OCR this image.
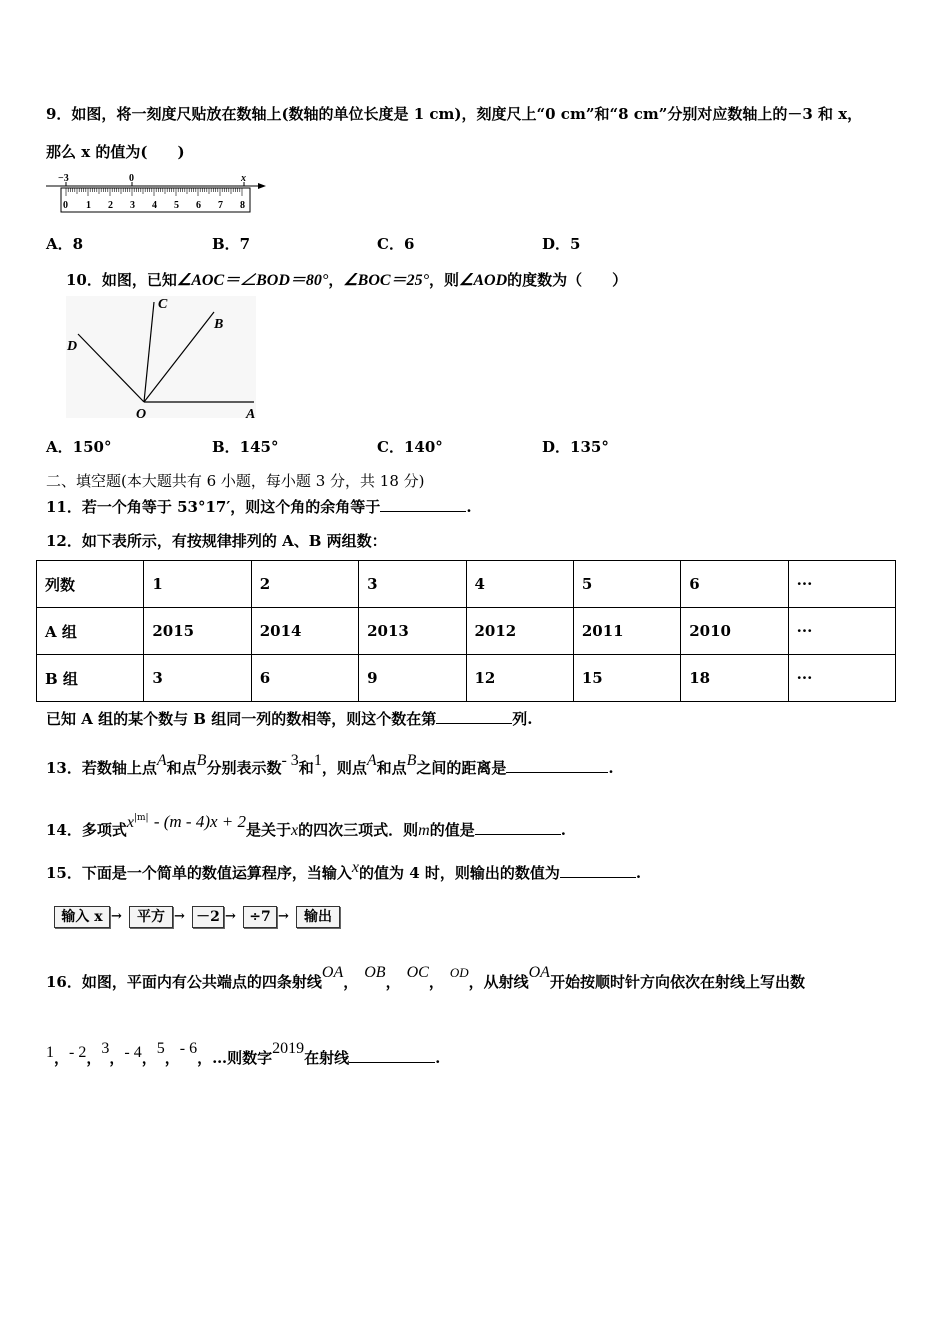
9．如图，将一刻度尺贴放在数轴上(数轴的单位长度是 1 cm)，刻度尺上“0 cm”和“8 cm”分别对应数轴上的－3 和 x，
那么 x 的值为(　　)
−3	0	x
0 1 2 3 4 5 6 7 8
A．8	B．7	C．6	D．5
10．如图，已知∠AOC＝∠BOD＝80°，∠BOC＝25°，则∠AOD的度数为（　　）
C
B
D
O	A
A．150°	B．145°	C．140°	D．135°
二、填空题(本大题共有 6 小题，每小题 3 分，共 18 分)
11．若一个角等于 53°17′，则这个角的余角等于	.
12．如下表所示，有按规律排列的 A、B 两组数：
列数	1	2	3	4	5	6	···
A 组	2015	2014	2013	2012	2011	2010	···
B 组	3	6	9	12	15	18	···
已知 A 组的某个数与 B 组同一列的数相等，则这个数在第	列.
13．若数轴上点A和点B分别表示数- 3和1，则点A和点B之间的距离是	.
14．多项式$x^{|m|} - (m - 4)x + 2$是关于x的四次三项式．则m的值是	.
15．下面是一个简单的数值运算程序，当输入x的值为 4 时，则输出的数值为	.
输入 x →	平方 → －2 → ÷7 →	输出
16．如图，平面内有公共端点的四条射线OA，OB，OC，OD，从射线OA开始按顺时针方向依次在射线上写出数
1，- 2，3，- 4，5，- 6，…则数字2019在射线	.
